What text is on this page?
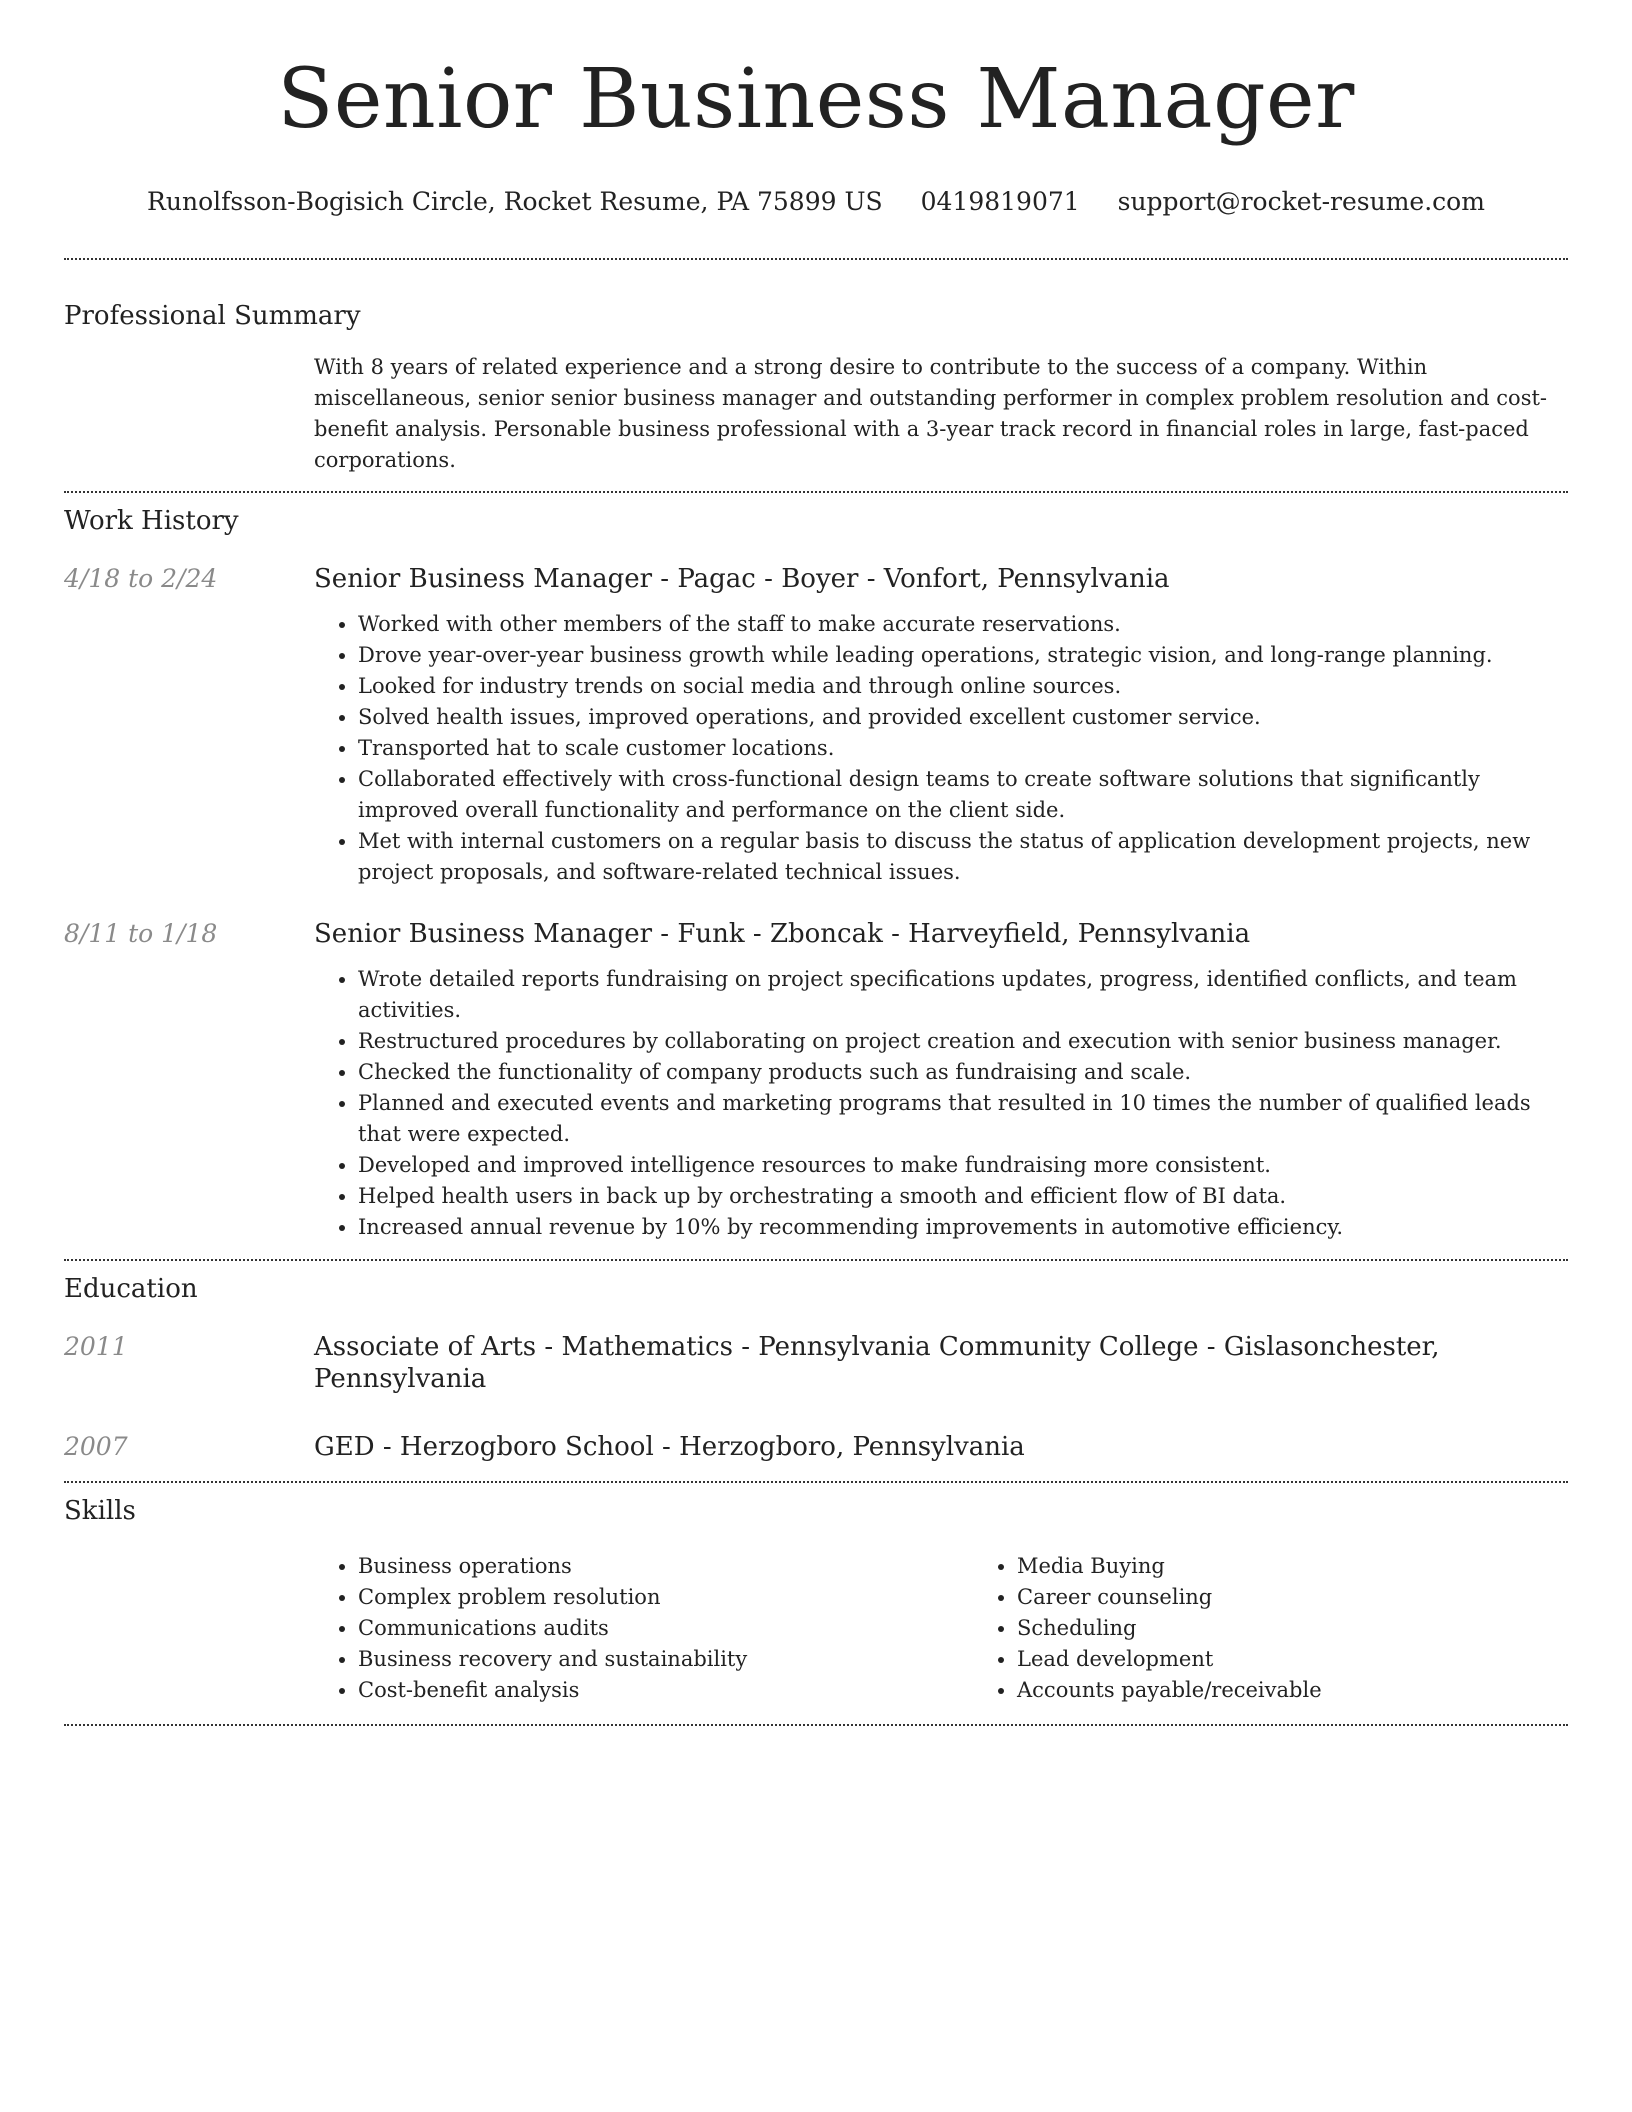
Senior Business Manager
Runolfsson-Bogisich Circle, Rocket Resume, PA 75899 US 0419819071 support@rocket-resume.com
Professional Summary

With 8 years of related experience and a strong desire to contribute to the success of a company. Within miscellaneous, senior senior business manager and outstanding performer in complex problem resolution and cost-benefit analysis. Personable business professional with a 3-year track record in financial roles in large, fast-paced corporations.

Work History
4/18 to 2/24	Senior Business Manager - Pagac - Boyer - Vonfort, Pennsylvania
• Worked with other members of the staff to make accurate reservations.
• Drove year-over-year business growth while leading operations, strategic vision, and long-range planning.
• Looked for industry trends on social media and through online sources.
• Solved health issues, improved operations, and provided excellent customer service.
• Transported hat to scale customer locations.
• Collaborated effectively with cross-functional design teams to create software solutions that significantly improved overall functionality and performance on the client side.
• Met with internal customers on a regular basis to discuss the status of application development projects, new project proposals, and software-related technical issues.
8/11 to 1/18	Senior Business Manager - Funk - Zboncak - Harveyfield, Pennsylvania
• Wrote detailed reports fundraising on project specifications updates, progress, identified conflicts, and team activities.
• Restructured procedures by collaborating on project creation and execution with senior business manager.
• Checked the functionality of company products such as fundraising and scale.
• Planned and executed events and marketing programs that resulted in 10 times the number of qualified leads that were expected.
• Developed and improved intelligence resources to make fundraising more consistent.
• Helped health users in back up by orchestrating a smooth and efficient flow of BI data.
• Increased annual revenue by 10% by recommending improvements in automotive efficiency.
Education
2011	Associate of Arts - Mathematics - Pennsylvania Community College - Gislasonchester, Pennsylvania
2007	GED - Herzogboro School - Herzogboro, Pennsylvania
Skills
• Business operations
• Complex problem resolution
• Communications audits
• Business recovery and sustainability
• Cost-benefit analysis
• Media Buying
• Career counseling
• Scheduling
• Lead development
• Accounts payable/receivable
